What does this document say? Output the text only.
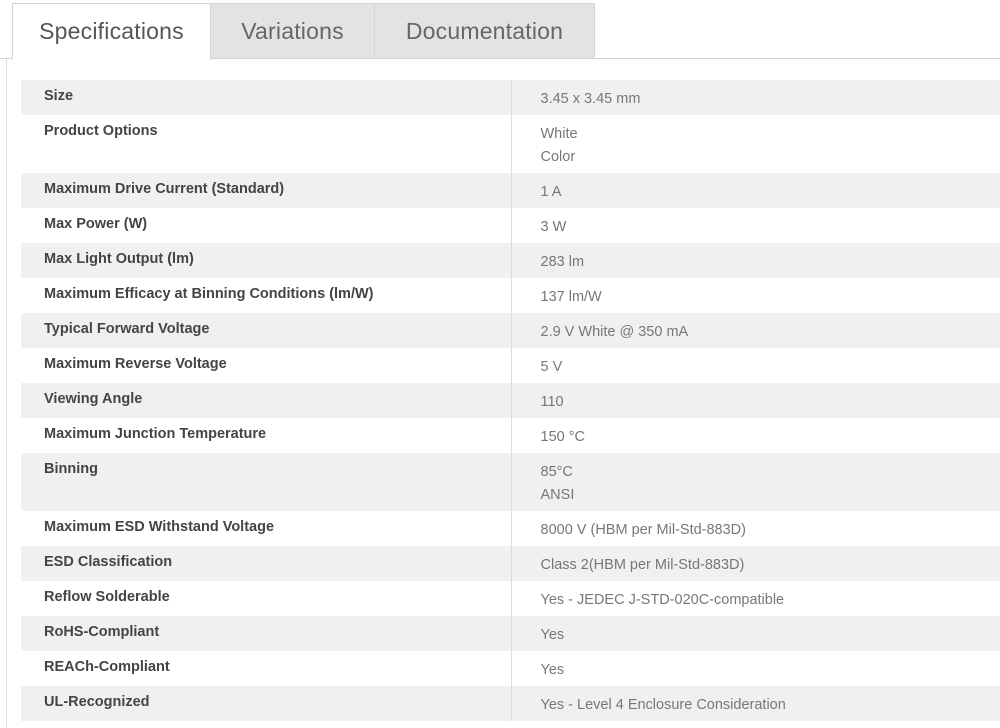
Specifications	Variations	Documentation
Size	3.45 x 3.45 mm

Product Options	White
Color

Maximum Drive Current (Standard)	1 A

Max Power (W)	3 W

Max Light Output (lm)	283 lm

Maximum Efficacy at Binning Conditions (lm/W)	137 lm/W

Typical Forward Voltage	2.9 V White @ 350 mA

Maximum Reverse Voltage	5 V

Viewing Angle	110

Maximum Junction Temperature	150 °C

Binning	85°C
ANSI

Maximum ESD Withstand Voltage	8000 V (HBM per Mil-Std-883D)

ESD Classification	Class 2(HBM per Mil-Std-883D)

Reflow Solderable	Yes - JEDEC J-STD-020C-compatible

RoHS-Compliant	Yes

REACh-Compliant	Yes

UL-Recognized	Yes - Level 4 Enclosure Consideration
